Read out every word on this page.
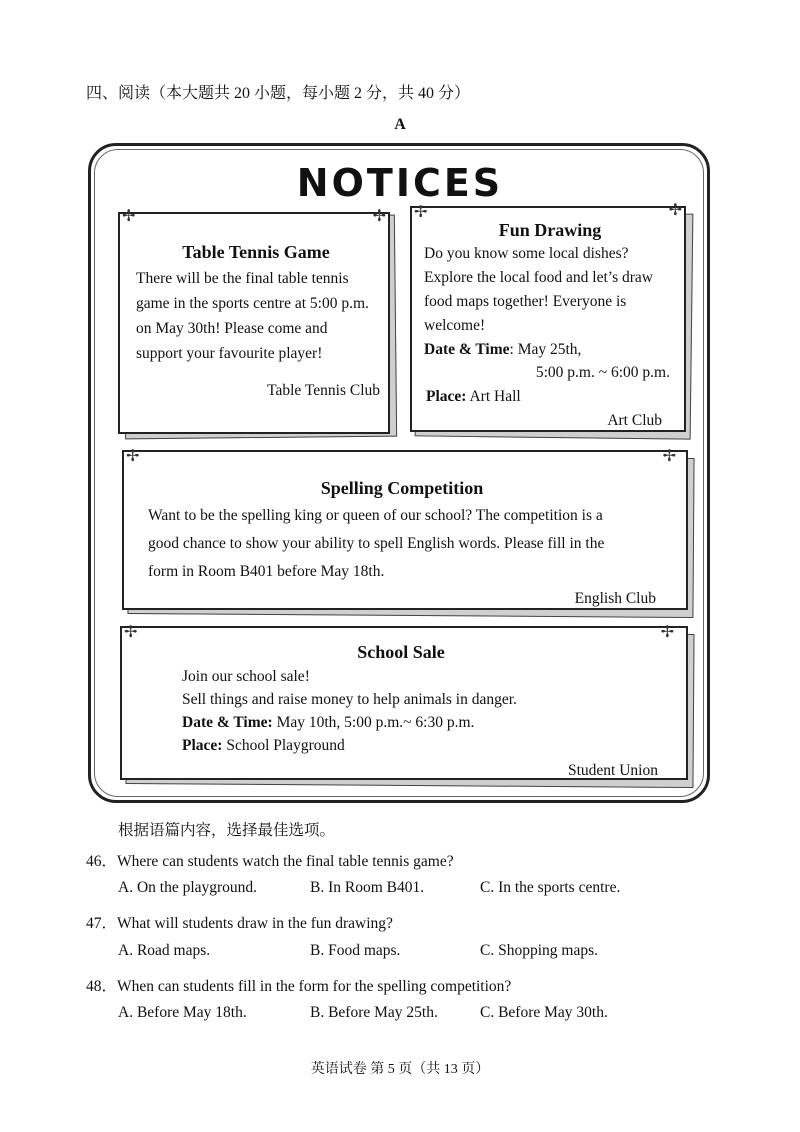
四、阅读（本大题共 20 小题，每小题 2 分，共 40 分）
A
NOTICES
✢	✢
Table Tennis Game
There will be the final table tennis
game in the sports centre at 5:00 p.m.
on May 30th! Please come and
support your favourite player!
Table Tennis Club
✢	✢
Fun Drawing
Do you know some local dishes?
Explore the local food and let’s draw
food maps together! Everyone is
welcome!
Date & Time: May 25th,
5:00 p.m. ~ 6:00 p.m.
Place: Art Hall
Art Club
✢	✢
Spelling Competition
Want to be the spelling king or queen of our school? The competition is a
good chance to show your ability to spell English words. Please fill in the
form in Room B401 before May 18th.
English Club
✢	✢
School Sale
Join our school sale!
Sell things and raise money to help animals in danger.
Date & Time: May 10th, 5:00 p.m.~ 6:30 p.m.
Place: School Playground
Student Union
根据语篇内容，选择最佳选项。
46．Where can students watch the final table tennis game?
A. On the playground.	B. In Room B401.	C. In the sports centre.
47．What will students draw in the fun drawing?
A. Road maps.	B. Food maps.	C. Shopping maps.
48．When can students fill in the form for the spelling competition?
A. Before May 18th.	B. Before May 25th.	C. Before May 30th.
英语试卷 第 5 页（共 13 页）
